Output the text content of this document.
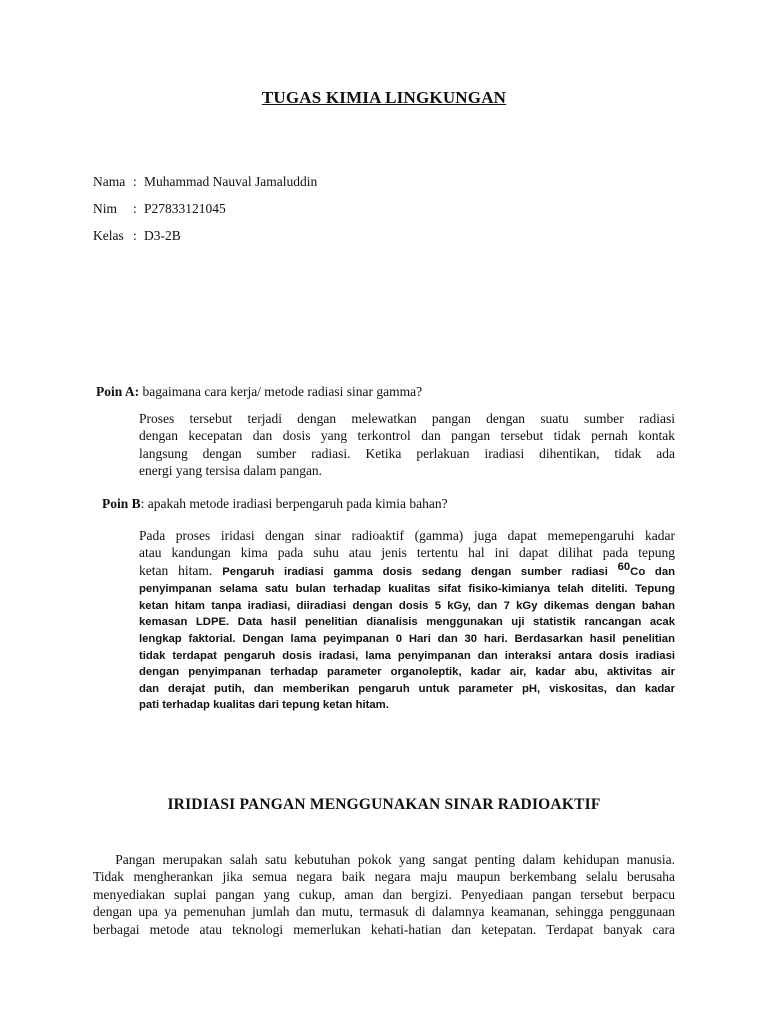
TUGAS KIMIA LINGKUNGAN
Nama : Muhammad Nauval Jamaluddin
Nim : P27833121045
Kelas : D3-2B
Poin A: bagaimana cara kerja/ metode radiasi sinar gamma?
Proses tersebut terjadi dengan melewatkan pangan dengan suatu sumber radiasi
dengan kecepatan dan dosis yang terkontrol dan pangan tersebut tidak pernah kontak
langsung dengan sumber radiasi. Ketika perlakuan iradiasi dihentikan, tidak ada
energi yang tersisa dalam pangan.
Poin B: apakah metode iradiasi berpengaruh pada kimia bahan?
Pada proses iridasi dengan sinar radioaktif (gamma) juga dapat memepengaruhi kadar
atau kandungan kima pada suhu atau jenis tertentu hal ini dapat dilihat pada tepung
ketan hitam. Pengaruh iradiasi gamma dosis sedang dengan sumber radiasi $^{60}$Co dan
penyimpanan selama satu bulan terhadap kualitas sifat fisiko-kimianya telah diteliti. Tepung
ketan hitam tanpa iradiasi, diiradiasi dengan dosis 5 kGy, dan 7 kGy dikemas dengan bahan
kemasan LDPE. Data hasil penelitian dianalisis menggunakan uji statistik rancangan acak
lengkap faktorial. Dengan lama peyimpanan 0 Hari dan 30 hari. Berdasarkan hasil penelitian
tidak terdapat pengaruh dosis iradasi, lama penyimpanan dan interaksi antara dosis iradiasi
dengan penyimpanan terhadap parameter organoleptik, kadar air, kadar abu, aktivitas air
dan derajat putih, dan memberikan pengaruh untuk parameter pH, viskositas, dan kadar
pati terhadap kualitas dari tepung ketan hitam.
IRIDIASI PANGAN MENGGUNAKAN SINAR RADIOAKTIF
Pangan merupakan salah satu kebutuhan pokok yang sangat penting dalam kehidupan manusia.
Tidak mengherankan jika semua negara baik negara maju maupun berkembang selalu berusaha
menyediakan suplai pangan yang cukup, aman dan bergizi. Penyediaan pangan tersebut berpacu
dengan upa ya pemenuhan jumlah dan mutu, termasuk di dalamnya keamanan, sehingga penggunaan
berbagai metode atau teknologi memerlukan kehati-hatian dan ketepatan. Terdapat banyak cara
